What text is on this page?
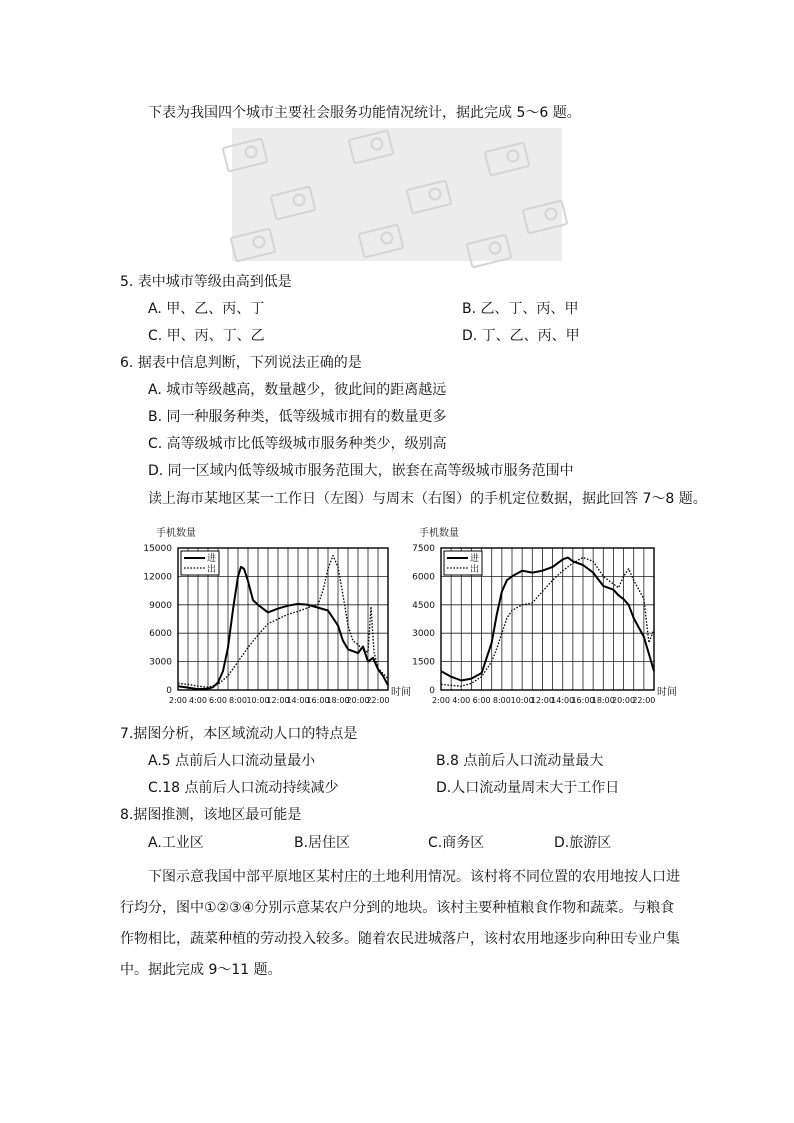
下表为我国四个城市主要社会服务功能情况统计，据此完成 5～6 题。
5. 表中城市等级由高到低是
A. 甲、乙、丙、丁	B. 乙、丁、丙、甲
C. 甲、丙、丁、乙	D. 丁、乙、丙、甲
6. 据表中信息判断，下列说法正确的是
A. 城市等级越高，数量越少，彼此间的距离越远
B. 同一种服务种类，低等级城市拥有的数量更多
C. 高等级城市比低等级城市服务种类少，级别高
D. 同一区域内低等级城市服务范围大，嵌套在高等级城市服务范围中
读上海市某地区某一工作日（左图）与周末（右图）的手机定位数据，据此回答 7～8 题。
15000
12000
9000
6000
3000
0
2:00 4:00 6:00 8:00 10:00
12:00
14:00
16:00
18:00
20:00
22:00
手机数量
时间
进
出
7500
6000
4500
3000
1500
0
2:00 4:00 6:00 8:00 10:00
12:00
14:00
16:00
18:00
20:00
22:00
手机数量
时间
进
出
7.据图分析，本区域流动人口的特点是
A.5 点前后人口流动量最小	B.8 点前后人口流动量最大
C.18 点前后人口流动持续减少	D.人口流动量周末大于工作日
8.据图推测，该地区最可能是
A.工业区	B.居住区	C.商务区	D.旅游区
下图示意我国中部平原地区某村庄的土地利用情况。该村将不同位置的农用地按人口进行均分，图中①②③④分别示意某农户分到的地块。该村主要种植粮食作物和蔬菜。与粮食作物相比，蔬菜种植的劳动投入较多。随着农民进城落户，该村农用地逐步向种田专业户集中。据此完成 9～11 题。
